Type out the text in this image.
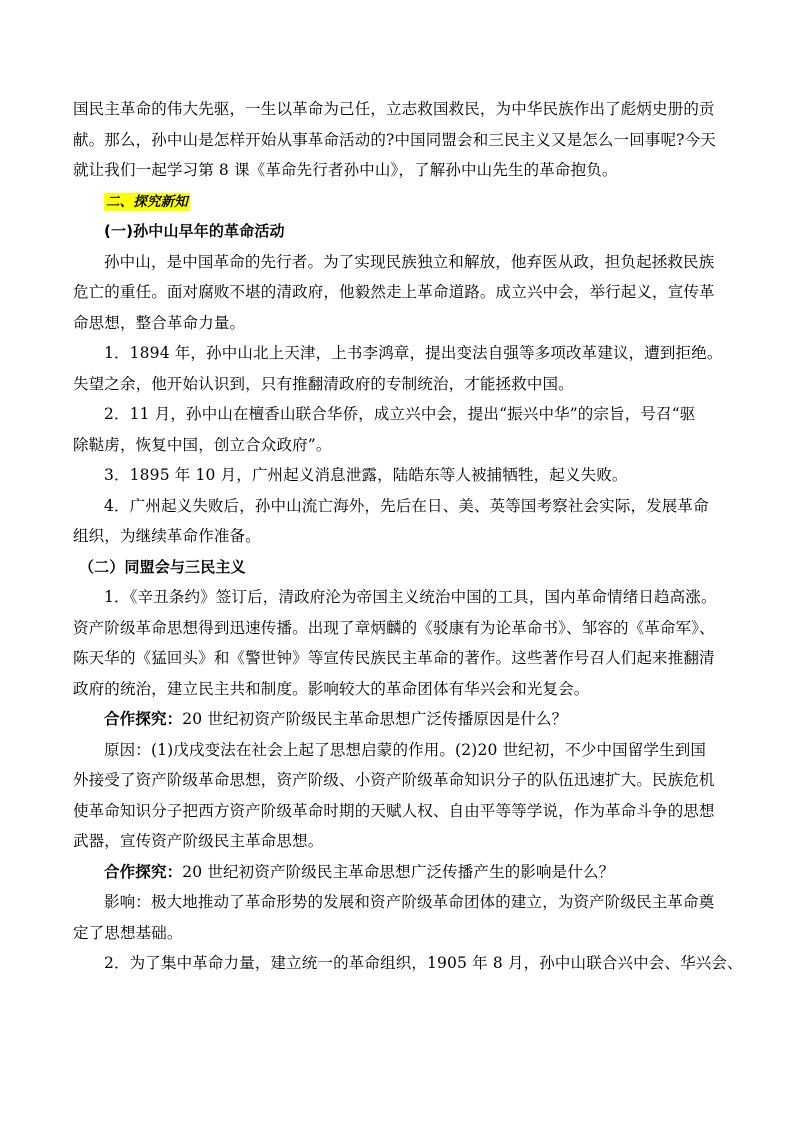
国民主革命的伟大先驱，一生以革命为己任，立志救国救民，为中华民族作出了彪炳史册的贡
献。那么，孙中山是怎样开始从事革命活动的?中国同盟会和三民主义又是怎么一回事呢?今天
就让我们一起学习第 8 课《革命先行者孙中山》，了解孙中山先生的革命抱负。
二、探究新知
(一)孙中山早年的革命活动
孙中山，是中国革命的先行者。为了实现民族独立和解放，他弃医从政，担负起拯救民族
危亡的重任。面对腐败不堪的清政府，他毅然走上革命道路。成立兴中会，举行起义，宣传革
命思想，整合革命力量。
1．1894 年，孙中山北上天津，上书李鸿章，提出变法自强等多项改革建议，遭到拒绝。
失望之余，他开始认识到，只有推翻清政府的专制统治，才能拯救中国。
2．11 月，孙中山在檀香山联合华侨，成立兴中会，提出“振兴中华”的宗旨，号召“驱
除鞑虏，恢复中国，创立合众政府”。
3．1895 年 10 月，广州起义消息泄露，陆皓东等人被捕牺牲，起义失败。
4．广州起义失败后，孙中山流亡海外，先后在日、美、英等国考察社会实际，发展革命
组织，为继续革命作准备。
（二）同盟会与三民主义
1．《辛丑条约》签订后，清政府沦为帝国主义统治中国的工具，国内革命情绪日趋高涨。
资产阶级革命思想得到迅速传播。出现了章炳麟的《驳康有为论革命书》、邹容的《革命军》、
陈天华的《猛回头》和《警世钟》等宣传民族民主革命的著作。这些著作号召人们起来推翻清
政府的统治，建立民主共和制度。影响较大的革命团体有华兴会和光复会。
合作探究：20 世纪初资产阶级民主革命思想广泛传播原因是什么？
原因：(1)戊戌变法在社会上起了思想启蒙的作用。(2)20 世纪初，不少中国留学生到国
外接受了资产阶级革命思想，资产阶级、小资产阶级革命知识分子的队伍迅速扩大。民族危机
使革命知识分子把西方资产阶级革命时期的天赋人权、自由平等等学说，作为革命斗争的思想
武器，宣传资产阶级民主革命思想。
合作探究：20 世纪初资产阶级民主革命思想广泛传播产生的影响是什么？
影响：极大地推动了革命形势的发展和资产阶级革命团体的建立，为资产阶级民主革命奠
定了思想基础。
2．为了集中革命力量，建立统一的革命组织，1905 年 8 月，孙中山联合兴中会、华兴会、
